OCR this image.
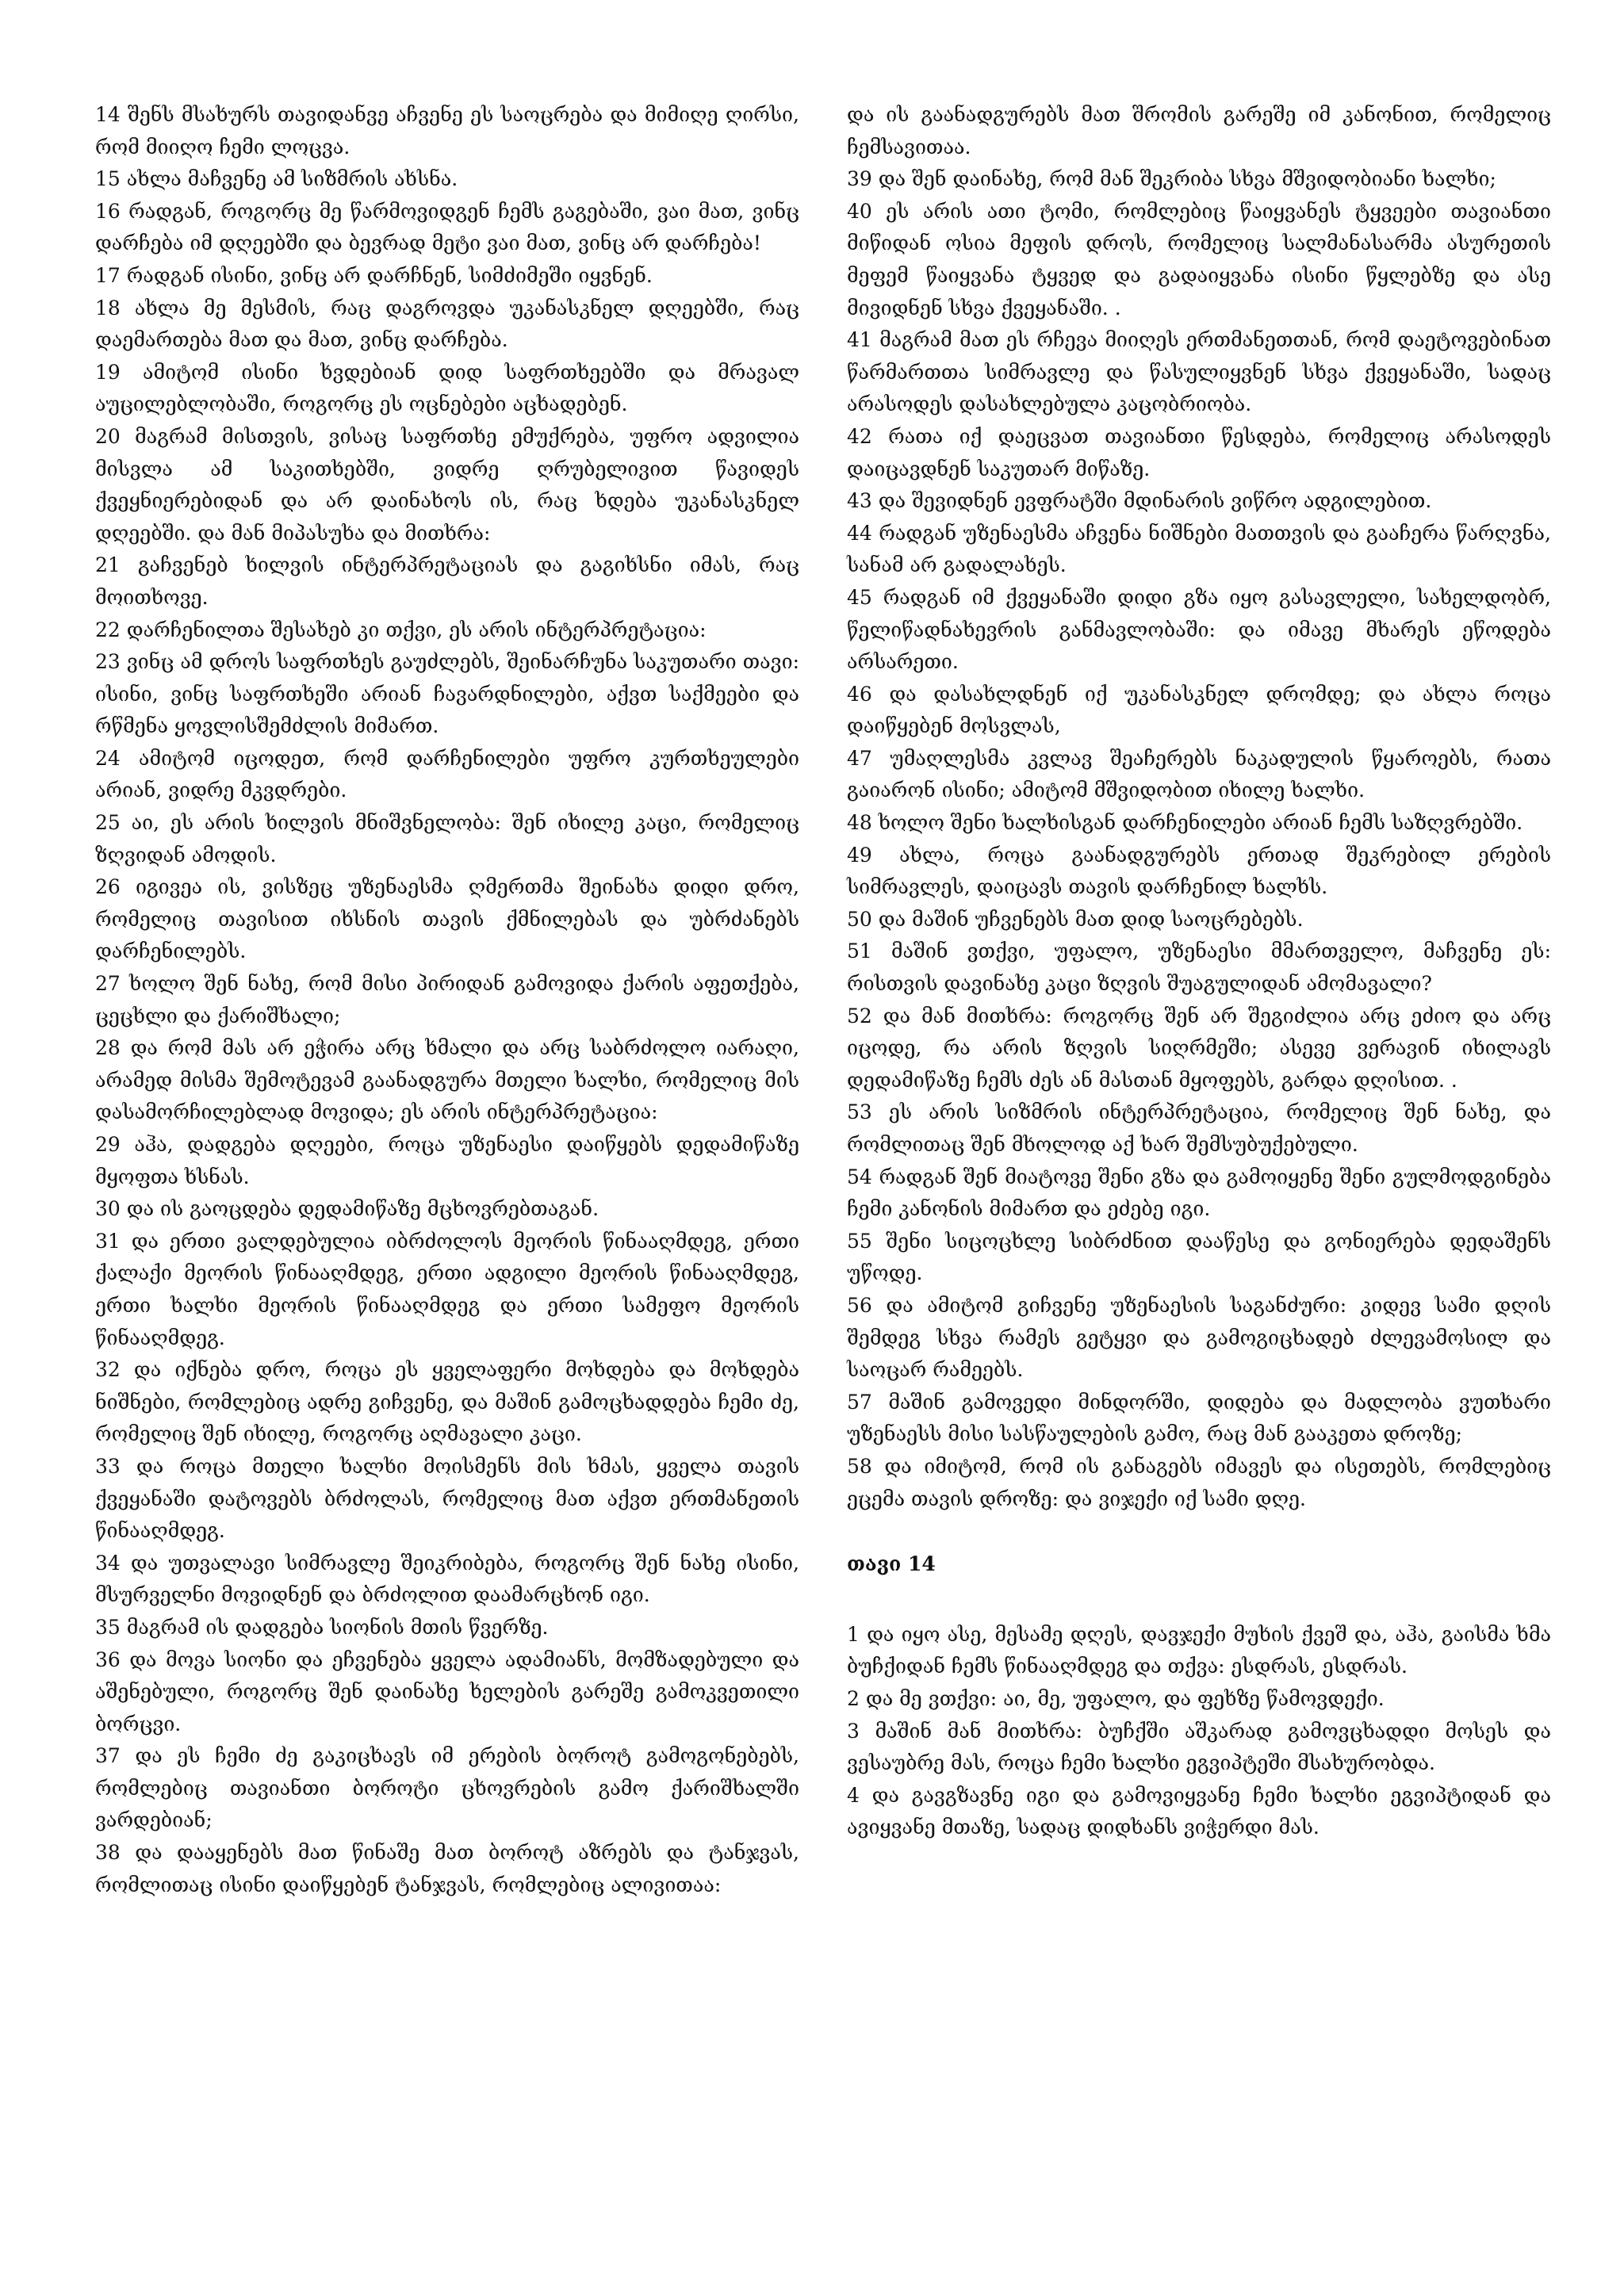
14 შენს მსახურს თავიდანვე აჩვენე ეს საოცრება და მიმიღე ღირსი, რომ მიიღო ჩემი ლოცვა.

15 ახლა მაჩვენე ამ სიზმრის ახსნა.

16 რადგან, როგორც მე წარმოვიდგენ ჩემს გაგებაში, ვაი მათ, ვინც დარჩება იმ დღეებში და ბევრად მეტი ვაი მათ, ვინც არ დარჩება!

17 რადგან ისინი, ვინც არ დარჩნენ, სიმძიმეში იყვნენ.

18 ახლა მე მესმის, რაც დაგროვდა უკანასკნელ დღეებში, რაც დაემართება მათ და მათ, ვინც დარჩება.

19 ამიტომ ისინი ხვდებიან დიდ საფრთხეებში და მრავალ აუცილებლობაში, როგორც ეს ოცნებები აცხადებენ.

20 მაგრამ მისთვის, ვისაც საფრთხე ემუქრება, უფრო ადვილია მისვლა ამ საკითხებში, ვიდრე ღრუბელივით წავიდეს ქვეყნიერებიდან და არ დაინახოს ის, რაც ხდება უკანასკნელ დღეებში. და მან მიპასუხა და მითხრა:

21 გაჩვენებ ხილვის ინტერპრეტაციას და გაგიხსნი იმას, რაც მოითხოვე.

22 დარჩენილთა შესახებ კი თქვი, ეს არის ინტერპრეტაცია:

23 ვინც ამ დროს საფრთხეს გაუძლებს, შეინარჩუნა საკუთარი თავი: ისინი, ვინც საფრთხეში არიან ჩავარდნილები, აქვთ საქმეები და რწმენა ყოვლისშემძლის მიმართ.

24 ამიტომ იცოდეთ, რომ დარჩენილები უფრო კურთხეულები არიან, ვიდრე მკვდრები.

25 აი, ეს არის ხილვის მნიშვნელობა: შენ იხილე კაცი, რომელიც ზღვიდან ამოდის.

26 იგივეა ის, ვისზეც უზენაესმა ღმერთმა შეინახა დიდი დრო, რომელიც თავისით იხსნის თავის ქმნილებას და უბრძანებს დარჩენილებს.

27 ხოლო შენ ნახე, რომ მისი პირიდან გამოვიდა ქარის აფეთქება, ცეცხლი და ქარიშხალი;

28 და რომ მას არ ეჭირა არც ხმალი და არც საბრძოლო იარაღი, არამედ მისმა შემოტევამ გაანადგურა მთელი ხალხი, რომელიც მის დასამორჩილებლად მოვიდა; ეს არის ინტერპრეტაცია:

29 აჰა, დადგება დღეები, როცა უზენაესი დაიწყებს დედამიწაზე მყოფთა ხსნას.

30 და ის გაოცდება დედამიწაზე მცხოვრებთაგან.

31 და ერთი ვალდებულია იბრძოლოს მეორის წინააღმდეგ, ერთი ქალაქი მეორის წინააღმდეგ, ერთი ადგილი მეორის წინააღმდეგ, ერთი ხალხი მეორის წინააღმდეგ და ერთი სამეფო მეორის წინააღმდეგ.

32 და იქნება დრო, როცა ეს ყველაფერი მოხდება და მოხდება ნიშნები, რომლებიც ადრე გიჩვენე, და მაშინ გამოცხადდება ჩემი ძე, რომელიც შენ იხილე, როგორც აღმავალი კაცი.

33 და როცა მთელი ხალხი მოისმენს მის ხმას, ყველა თავის ქვეყანაში დატოვებს ბრძოლას, რომელიც მათ აქვთ ერთმანეთის წინააღმდეგ.

34 და უთვალავი სიმრავლე შეიკრიბება, როგორც შენ ნახე ისინი, მსურველნი მოვიდნენ და ბრძოლით დაამარცხონ იგი.

35 მაგრამ ის დადგება სიონის მთის წვერზე.

36 და მოვა სიონი და ეჩვენება ყველა ადამიანს, მომზადებული და აშენებული, როგორც შენ დაინახე ხელების გარეშე გამოკვეთილი ბორცვი.

37 და ეს ჩემი ძე გაკიცხავს იმ ერების ბოროტ გამოგონებებს, რომლებიც თავიანთი ბოროტი ცხოვრების გამო ქარიშხალში ვარდებიან;

38 და დააყენებს მათ წინაშე მათ ბოროტ აზრებს და ტანჯვას, რომლითაც ისინი დაიწყებენ ტანჯვას, რომლებიც ალივითაა:

და ის გაანადგურებს მათ შრომის გარეშე იმ კანონით, რომელიც ჩემსავითაა.

39 და შენ დაინახე, რომ მან შეკრიბა სხვა მშვიდობიანი ხალხი;

40 ეს არის ათი ტომი, რომლებიც წაიყვანეს ტყვეები თავიანთი მიწიდან ოსია მეფის დროს, რომელიც სალმანასარმა ასურეთის მეფემ წაიყვანა ტყვედ და გადაიყვანა ისინი წყლებზე და ასე მივიდნენ სხვა ქვეყანაში. .

41 მაგრამ მათ ეს რჩევა მიიღეს ერთმანეთთან, რომ დაეტოვებინათ წარმართთა სიმრავლე და წასულიყვნენ სხვა ქვეყანაში, სადაც არასოდეს დასახლებულა კაცობრიობა.

42 რათა იქ დაეცვათ თავიანთი წესდება, რომელიც არასოდეს დაიცავდნენ საკუთარ მიწაზე.

43 და შევიდნენ ევფრატში მდინარის ვიწრო ადგილებით.

44 რადგან უზენაესმა აჩვენა ნიშნები მათთვის და გააჩერა წარღვნა, სანამ არ გადალახეს.

45 რადგან იმ ქვეყანაში დიდი გზა იყო გასავლელი, სახელდობრ, წელიწადნახევრის განმავლობაში: და იმავე მხარეს ეწოდება არსარეთი.

46 და დასახლდნენ იქ უკანასკნელ დრომდე; და ახლა როცა დაიწყებენ მოსვლას,

47 უმაღლესმა კვლავ შეაჩერებს ნაკადულის წყაროებს, რათა გაიარონ ისინი; ამიტომ მშვიდობით იხილე ხალხი.

48 ხოლო შენი ხალხისგან დარჩენილები არიან ჩემს საზღვრებში.

49 ახლა, როცა გაანადგურებს ერთად შეკრებილ ერების სიმრავლეს, დაიცავს თავის დარჩენილ ხალხს.

50 და მაშინ უჩვენებს მათ დიდ საოცრებებს.

51 მაშინ ვთქვი, უფალო, უზენაესი მმართველო, მაჩვენე ეს: რისთვის დავინახე კაცი ზღვის შუაგულიდან ამომავალი?

52 და მან მითხრა: როგორც შენ არ შეგიძლია არც ეძიო და არც იცოდე, რა არის ზღვის სიღრმეში; ასევე ვერავინ იხილავს დედამიწაზე ჩემს ძეს ან მასთან მყოფებს, გარდა დღისით. .

53 ეს არის სიზმრის ინტერპრეტაცია, რომელიც შენ ნახე, და რომლითაც შენ მხოლოდ აქ ხარ შემსუბუქებული.

54 რადგან შენ მიატოვე შენი გზა და გამოიყენე შენი გულმოდგინება ჩემი კანონის მიმართ და ეძებე იგი.

55 შენი სიცოცხლე სიბრძნით დააწესე და გონიერება დედაშენს უწოდე.

56 და ამიტომ გიჩვენე უზენაესის საგანძური: კიდევ სამი დღის შემდეგ სხვა რამეს გეტყვი და გამოგიცხადებ ძლევამოსილ და საოცარ რამეებს.

57 მაშინ გამოვედი მინდორში, დიდება და მადლობა ვუთხარი უზენაესს მისი სასწაულების გამო, რაც მან გააკეთა დროზე;

58 და იმიტომ, რომ ის განაგებს იმავეს და ისეთებს, რომლებიც ეცემა თავის დროზე: და ვიჯექი იქ სამი დღე.

თავი 14

1 და იყო ასე, მესამე დღეს, დავჯექი მუხის ქვეშ და, აჰა, გაისმა ხმა ბუჩქიდან ჩემს წინააღმდეგ და თქვა: ესდრას, ესდრას.

2 და მე ვთქვი: აი, მე, უფალო, და ფეხზე წამოვდექი.

3 მაშინ მან მითხრა: ბუჩქში აშკარად გამოვცხადდი მოსეს და ვესაუბრე მას, როცა ჩემი ხალხი ეგვიპტეში მსახურობდა.

4 და გავგზავნე იგი და გამოვიყვანე ჩემი ხალხი ეგვიპტიდან და ავიყვანე მთაზე, სადაც დიდხანს ვიჭერდი მას.
